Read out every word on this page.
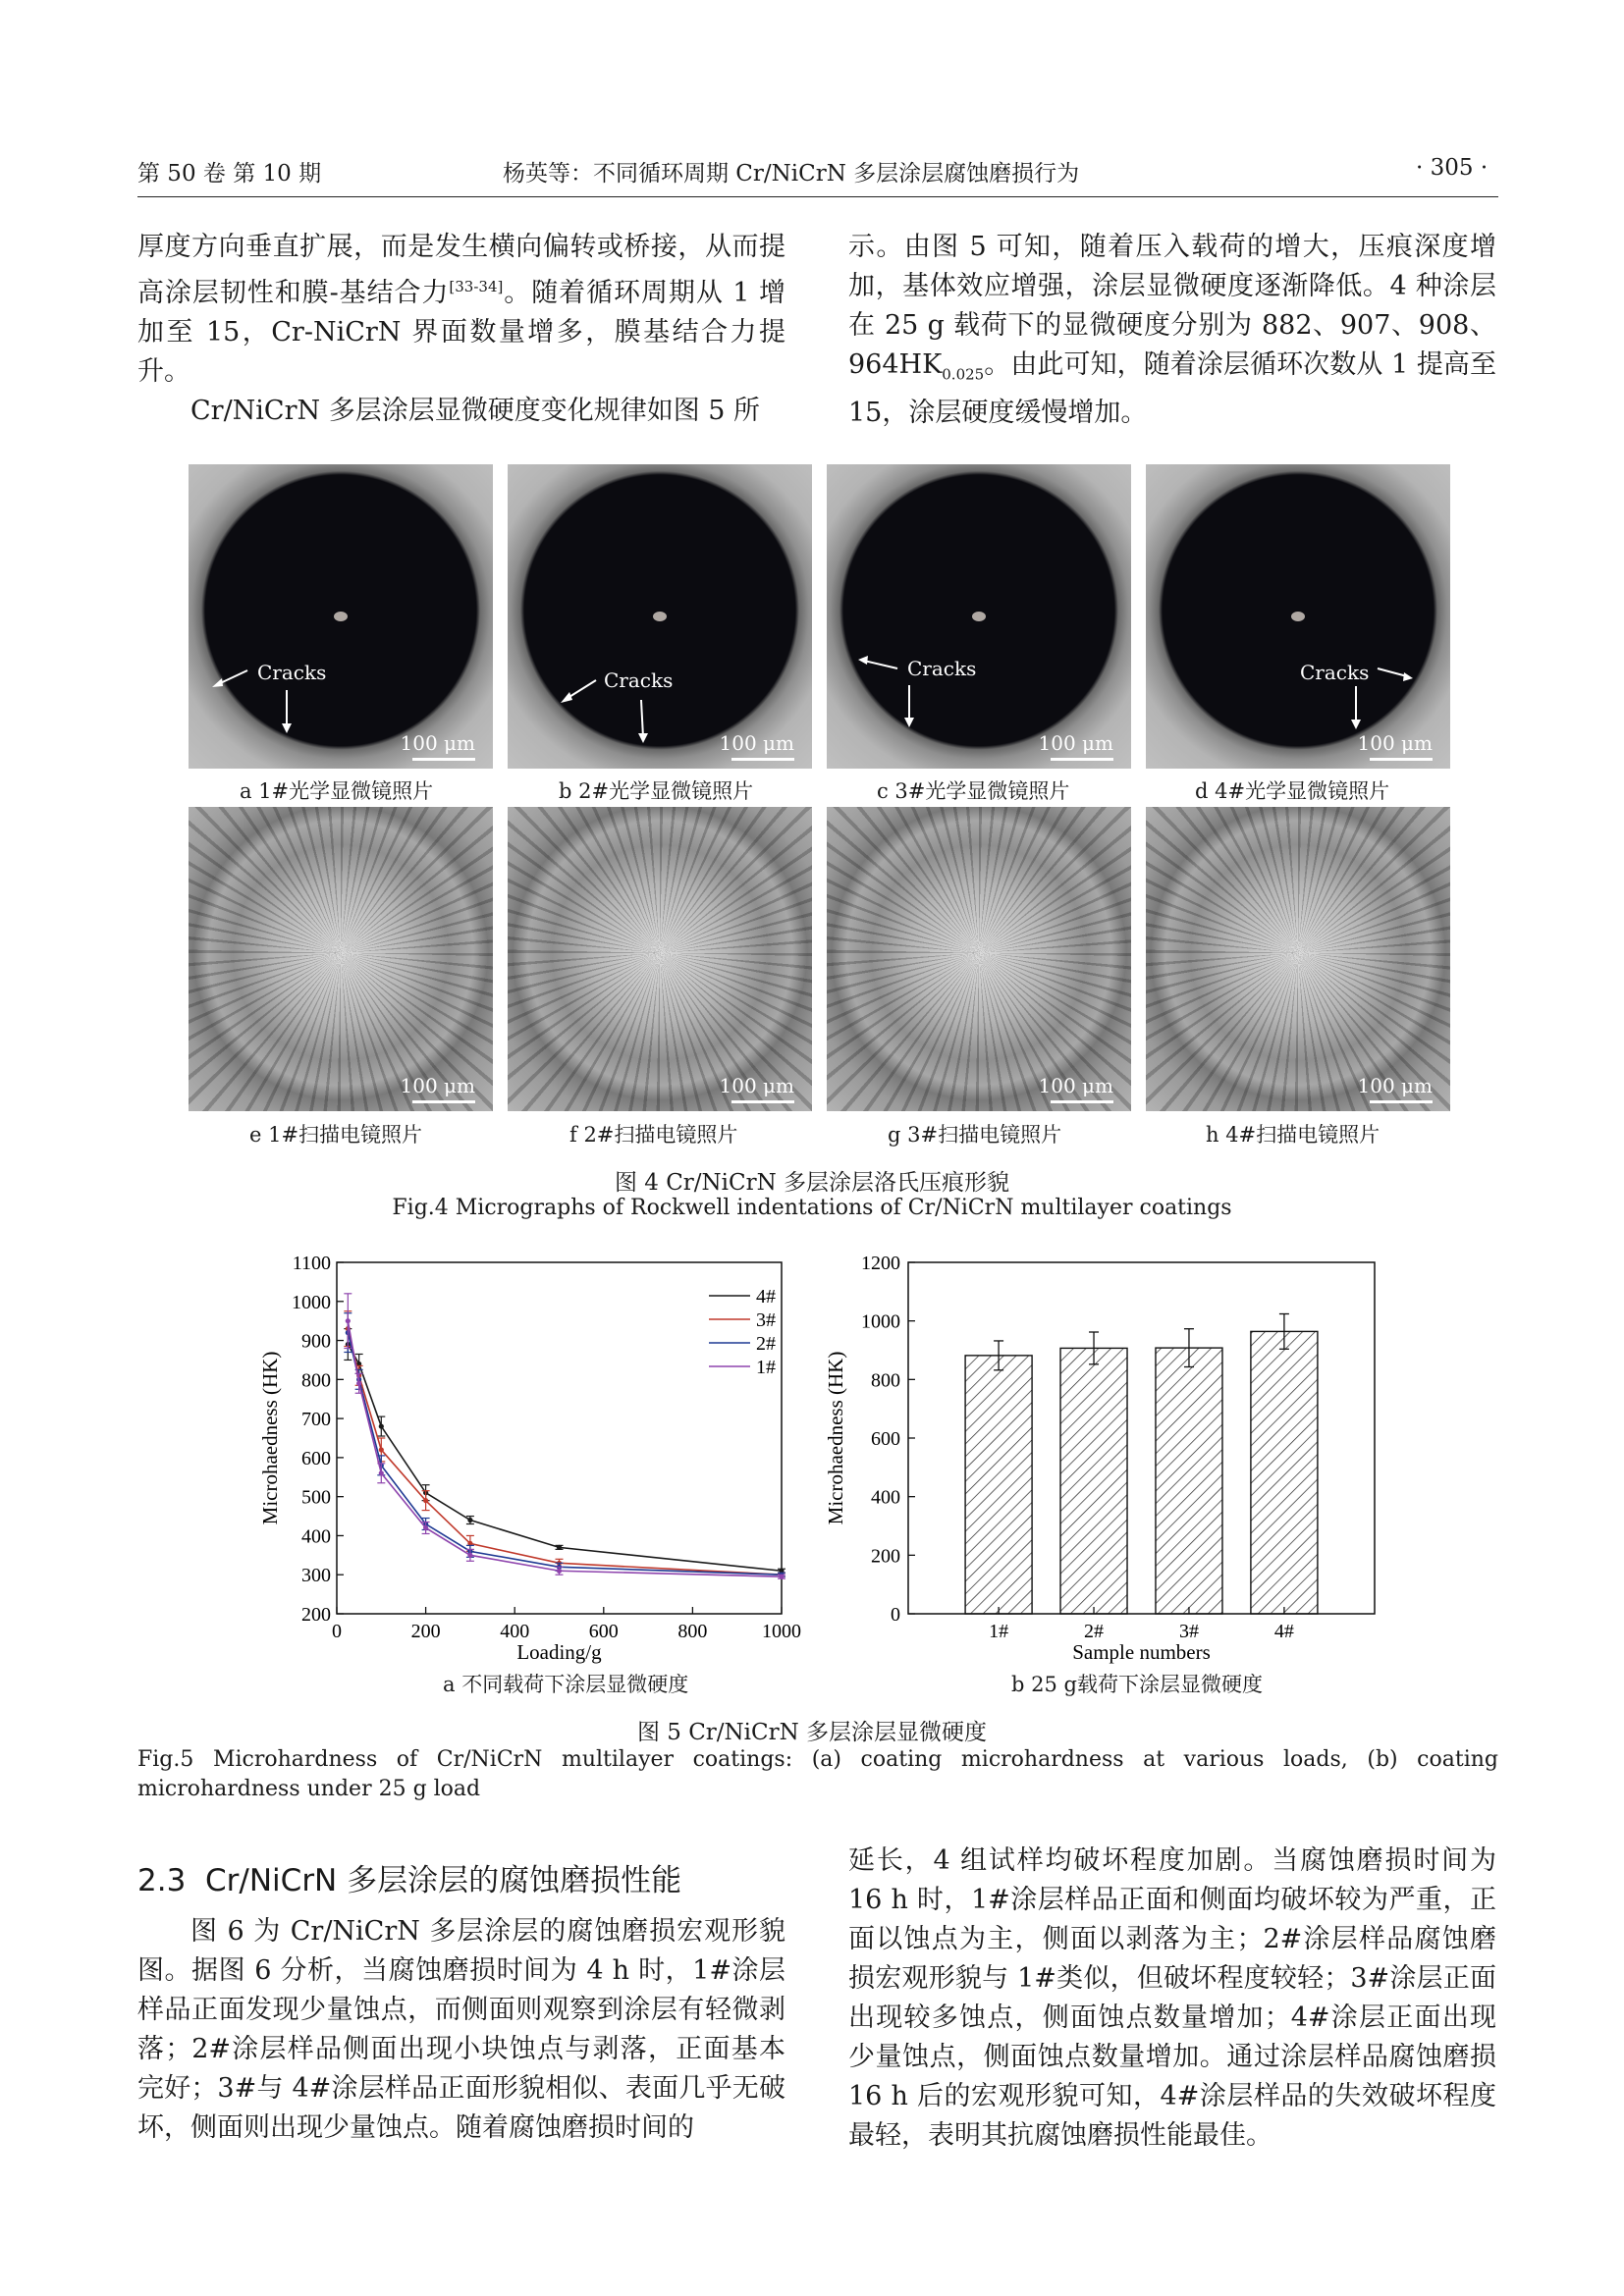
第 50 卷 第 10 期	杨英等：不同循环周期 Cr/NiCrN 多层涂层腐蚀磨损行为	· 305 ·

厚度方向垂直扩展，而是发生横向偏转或桥接，从而提高涂层韧性和膜-基结合力[33-34]。随着循环周期从 1 增加至 15，Cr-NiCrN 界面数量增多，膜基结合力提升。

Cr/NiCrN 多层涂层显微硬度变化规律如图 5 所

示。由图 5 可知，随着压入载荷的增大，压痕深度增加，基体效应增强，涂层显微硬度逐渐降低。4 种涂层在 25 g 载荷下的显微硬度分别为 882、907、908、$964HK_{0.025}$。由此可知，随着涂层循环次数从 1 提高至 15，涂层硬度缓慢增加。

Cracks
100 μm
Cracks
100 μm
Cracks
100 μm
Cracks
100 μm
a 1#光学显微镜照片	b 2#光学显微镜照片	c 3#光学显微镜照片	d 4#光学显微镜照片
100 μm	100 μm	100 μm	100 μm
e 1#扫描电镜照片	f 2#扫描电镜照片	g 3#扫描电镜照片	h 4#扫描电镜照片
图 4 Cr/NiCrN 多层涂层洛氏压痕形貌
Fig.4 Micrographs of Rockwell indentations of Cr/NiCrN multilayer coatings
200
300
400
500
600
700
800
900
1000
1100
0	200	400	600	800	1000
Loading/g
Microhaedness (HK)
4#
3#
2#
1#
0
200
400
600
800
1000
1200
1#	2#	3#	4#
Sample numbers
Microhaedness (HK)
a 不同载荷下涂层显微硬度	b 25 g载荷下涂层显微硬度
图 5 Cr/NiCrN 多层涂层显微硬度
Fig.5 Microhardness of Cr/NiCrN multilayer coatings: (a) coating microhardness at various loads, (b) coating microhardness under 25 g load
2.3 Cr/NiCrN 多层涂层的腐蚀磨损性能

图 6 为 Cr/NiCrN 多层涂层的腐蚀磨损宏观形貌图。据图 6 分析，当腐蚀磨损时间为 4 h 时，1#涂层样品正面发现少量蚀点，而侧面则观察到涂层有轻微剥落；2#涂层样品侧面出现小块蚀点与剥落，正面基本完好；3#与 4#涂层样品正面形貌相似、表面几乎无破坏，侧面则出现少量蚀点。随着腐蚀磨损时间的

延长，4 组试样均破坏程度加剧。当腐蚀磨损时间为 16 h 时，1#涂层样品正面和侧面均破坏较为严重，正面以蚀点为主，侧面以剥落为主；2#涂层样品腐蚀磨损宏观形貌与 1#类似，但破坏程度较轻；3#涂层正面出现较多蚀点，侧面蚀点数量增加；4#涂层正面出现少量蚀点，侧面蚀点数量增加。通过涂层样品腐蚀磨损 16 h 后的宏观形貌可知，4#涂层样品的失效破坏程度最轻，表明其抗腐蚀磨损性能最佳。
